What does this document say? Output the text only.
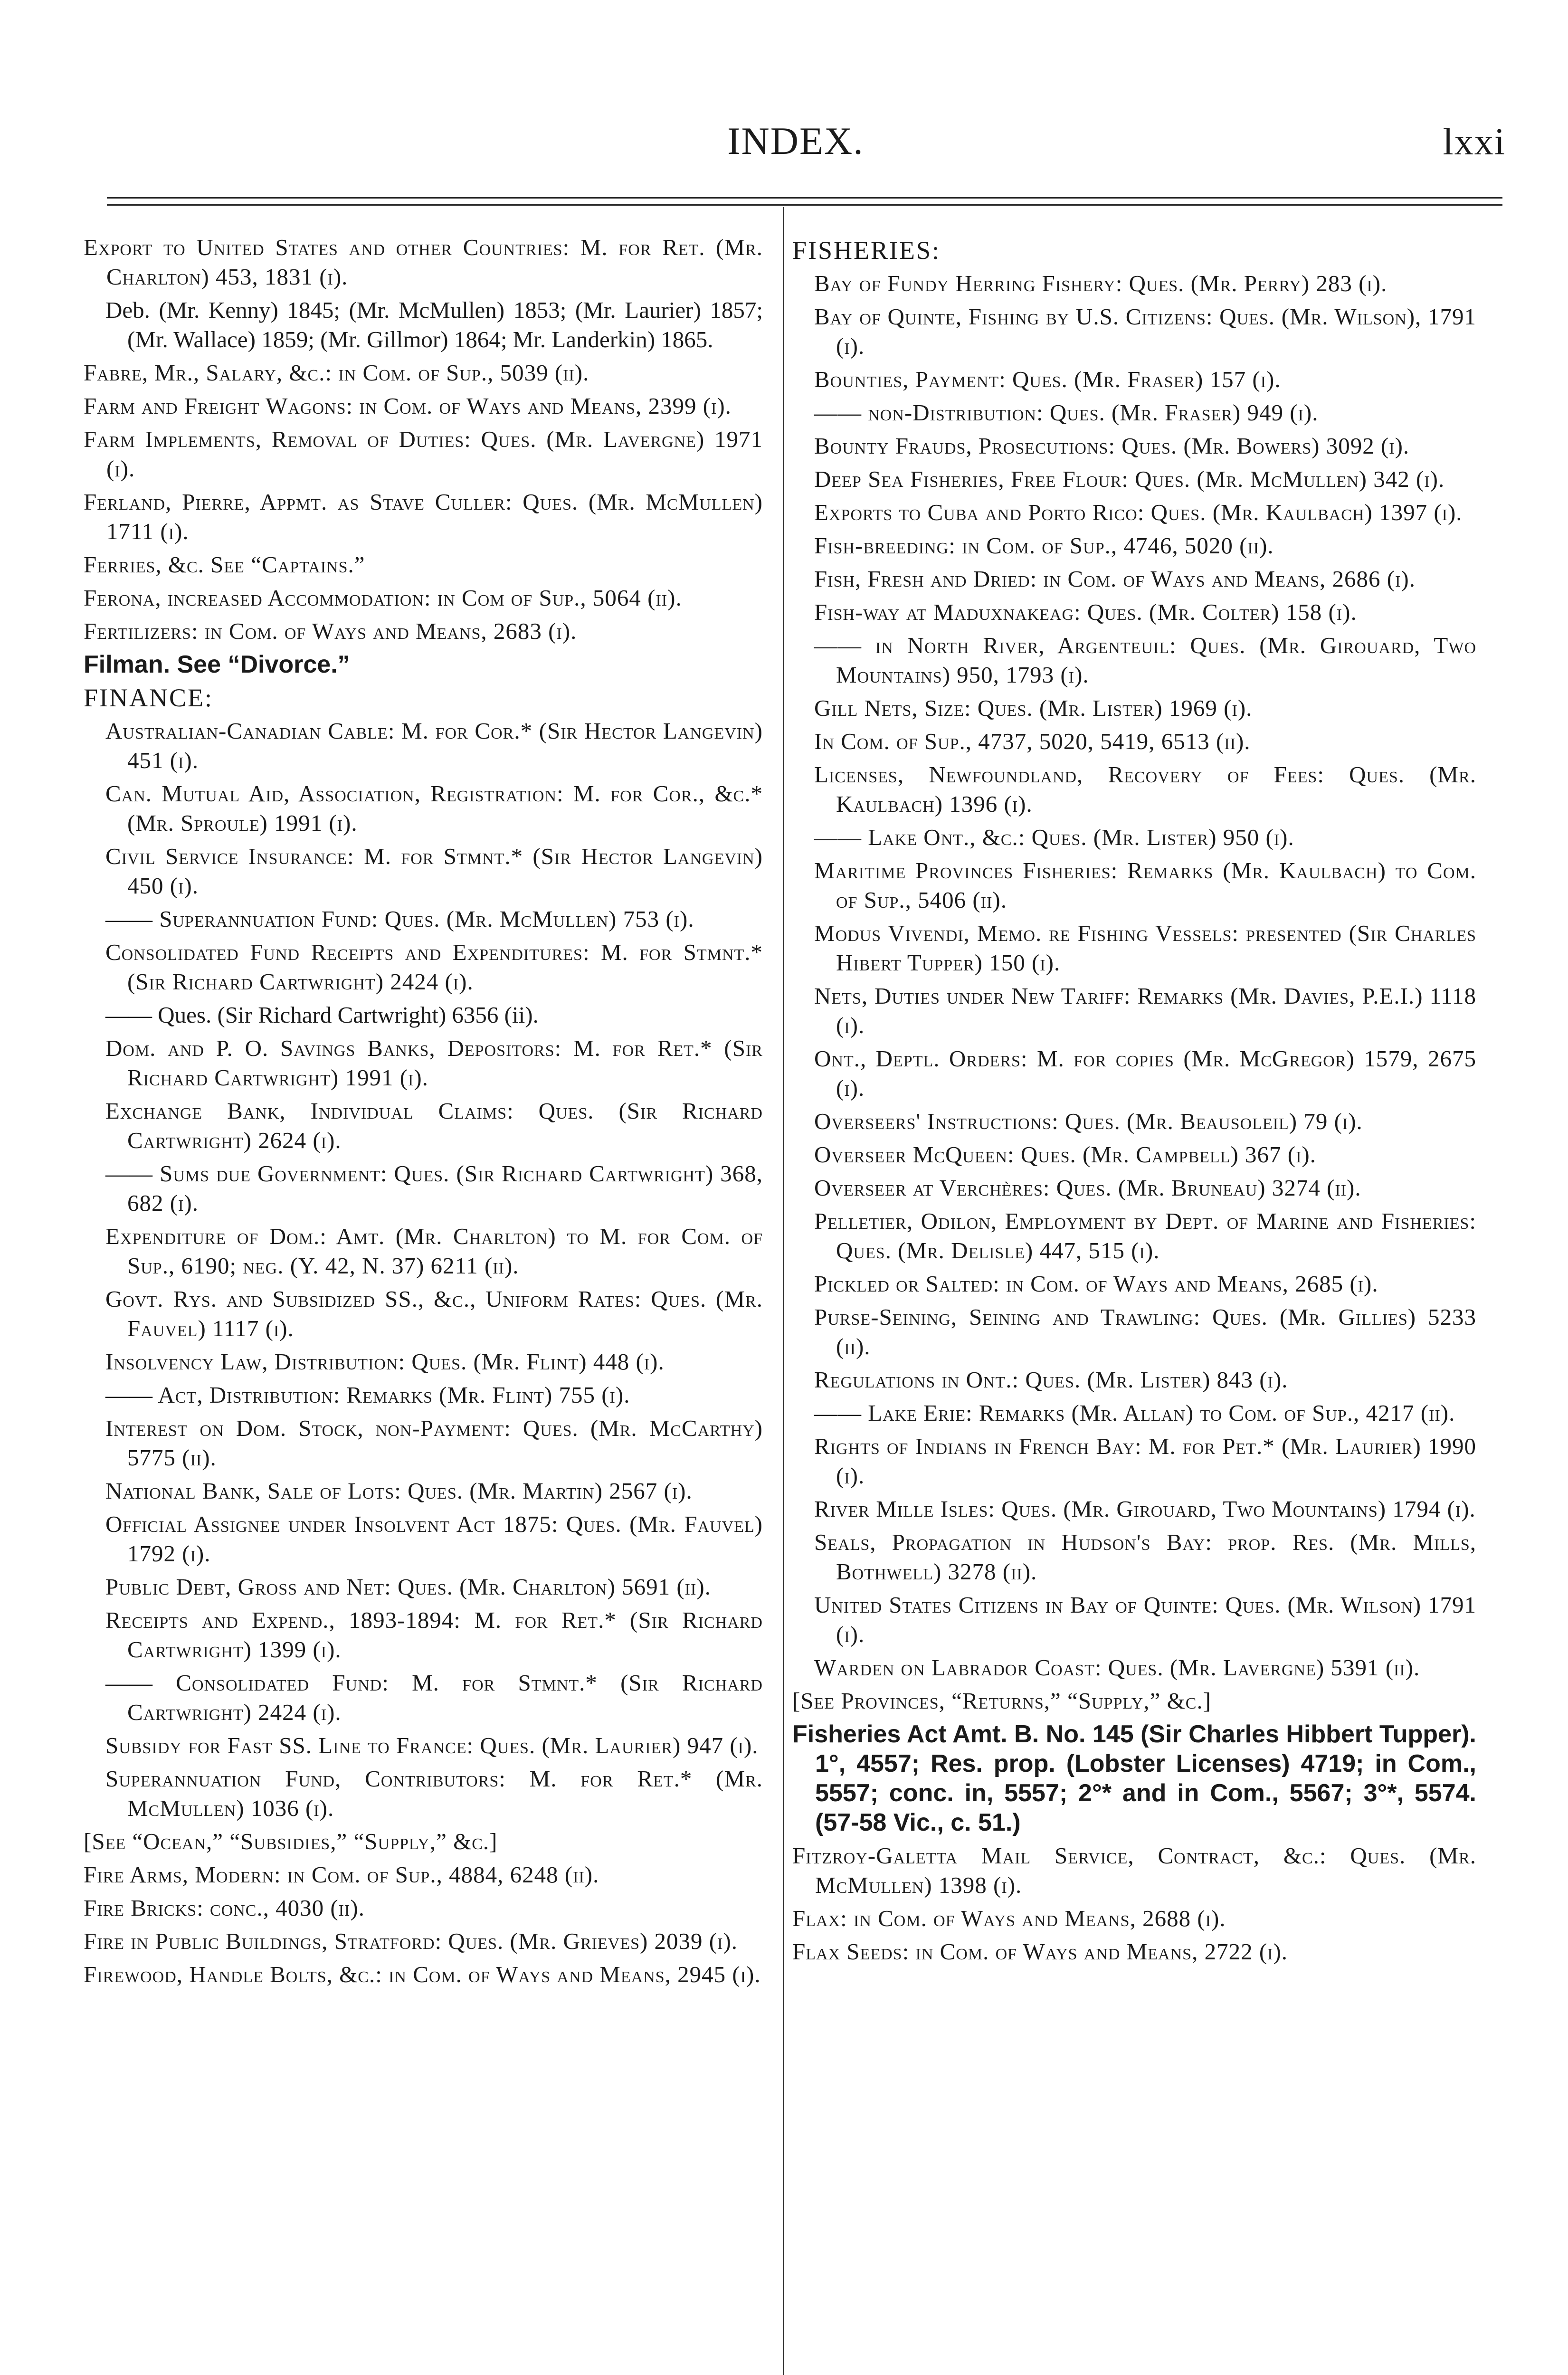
INDEX.	lxxi

Export to United States and other Countries: M. for Ret. (Mr. Charlton) 453, 1831 (i).

Deb. (Mr. Kenny) 1845; (Mr. McMullen) 1853; (Mr. Laurier) 1857; (Mr. Wallace) 1859; (Mr. Gillmor) 1864; Mr. Landerkin) 1865.

Fabre, Mr., Salary, &c.: in Com. of Sup., 5039 (ii).

Farm and Freight Wagons: in Com. of Ways and Means, 2399 (i).

Farm Implements, Removal of Duties: Ques. (Mr. Lavergne) 1971 (i).

Ferland, Pierre, Appmt. as Stave Culler: Ques. (Mr. McMullen) 1711 (i).

Ferries, &c. See “Captains.”

Ferona, increased Accommodation: in Com of Sup., 5064 (ii).

Fertilizers: in Com. of Ways and Means, 2683 (i).

Filman. See “Divorce.”

FINANCE:

Australian-Canadian Cable: M. for Cor.* (Sir Hector Langevin) 451 (i).

Can. Mutual Aid, Association, Registration: M. for Cor., &c.* (Mr. Sproule) 1991 (i).

Civil Service Insurance: M. for Stmnt.* (Sir Hector Langevin) 450 (i).

—— Superannuation Fund: Ques. (Mr. McMullen) 753 (i).

Consolidated Fund Receipts and Expenditures: M. for Stmnt.* (Sir Richard Cartwright) 2424 (i).

—— Ques. (Sir Richard Cartwright) 6356 (ii).

Dom. and P. O. Savings Banks, Depositors: M. for Ret.* (Sir Richard Cartwright) 1991 (i).

Exchange Bank, Individual Claims: Ques. (Sir Richard Cartwright) 2624 (i).

—— Sums due Government: Ques. (Sir Richard Cartwright) 368, 682 (i).

Expenditure of Dom.: Amt. (Mr. Charlton) to M. for Com. of Sup., 6190; neg. (Y. 42, N. 37) 6211 (ii).

Govt. Rys. and Subsidized SS., &c., Uniform Rates: Ques. (Mr. Fauvel) 1117 (i).

Insolvency Law, Distribution: Ques. (Mr. Flint) 448 (i).

—— Act, Distribution: Remarks (Mr. Flint) 755 (i).

Interest on Dom. Stock, non-Payment: Ques. (Mr. McCarthy) 5775 (ii).

National Bank, Sale of Lots: Ques. (Mr. Martin) 2567 (i).

Official Assignee under Insolvent Act 1875: Ques. (Mr. Fauvel) 1792 (i).

Public Debt, Gross and Net: Ques. (Mr. Charlton) 5691 (ii).

Receipts and Expend., 1893-1894: M. for Ret.* (Sir Richard Cartwright) 1399 (i).

—— Consolidated Fund: M. for Stmnt.* (Sir Richard Cartwright) 2424 (i).

Subsidy for Fast SS. Line to France: Ques. (Mr. Laurier) 947 (i).

Superannuation Fund, Contributors: M. for Ret.* (Mr. McMullen) 1036 (i).

[See “Ocean,” “Subsidies,” “Supply,” &c.]

Fire Arms, Modern: in Com. of Sup., 4884, 6248 (ii).

Fire Bricks: conc., 4030 (ii).

Fire in Public Buildings, Stratford: Ques. (Mr. Grieves) 2039 (i).

Firewood, Handle Bolts, &c.: in Com. of Ways and Means, 2945 (i).

FISHERIES:

Bay of Fundy Herring Fishery: Ques. (Mr. Perry) 283 (i).

Bay of Quinte, Fishing by U.S. Citizens: Ques. (Mr. Wilson), 1791 (i).

Bounties, Payment: Ques. (Mr. Fraser) 157 (i).

—— non-Distribution: Ques. (Mr. Fraser) 949 (i).

Bounty Frauds, Prosecutions: Ques. (Mr. Bowers) 3092 (i).

Deep Sea Fisheries, Free Flour: Ques. (Mr. McMullen) 342 (i).

Exports to Cuba and Porto Rico: Ques. (Mr. Kaulbach) 1397 (i).

Fish-breeding: in Com. of Sup., 4746, 5020 (ii).

Fish, Fresh and Dried: in Com. of Ways and Means, 2686 (i).

Fish-way at Maduxnakeag: Ques. (Mr. Colter) 158 (i).

—— in North River, Argenteuil: Ques. (Mr. Girouard, Two Mountains) 950, 1793 (i).

Gill Nets, Size: Ques. (Mr. Lister) 1969 (i).

In Com. of Sup., 4737, 5020, 5419, 6513 (ii).

Licenses, Newfoundland, Recovery of Fees: Ques. (Mr. Kaulbach) 1396 (i).

—— Lake Ont., &c.: Ques. (Mr. Lister) 950 (i).

Maritime Provinces Fisheries: Remarks (Mr. Kaulbach) to Com. of Sup., 5406 (ii).

Modus Vivendi, Memo. re Fishing Vessels: presented (Sir Charles Hibert Tupper) 150 (i).

Nets, Duties under New Tariff: Remarks (Mr. Davies, P.E.I.) 1118 (i).

Ont., Deptl. Orders: M. for copies (Mr. McGregor) 1579, 2675 (i).

Overseers' Instructions: Ques. (Mr. Beausoleil) 79 (i).

Overseer McQueen: Ques. (Mr. Campbell) 367 (i).

Overseer at Verchères: Ques. (Mr. Bruneau) 3274 (ii).

Pelletier, Odilon, Employment by Dept. of Marine and Fisheries: Ques. (Mr. Delisle) 447, 515 (i).

Pickled or Salted: in Com. of Ways and Means, 2685 (i).

Purse-Seining, Seining and Trawling: Ques. (Mr. Gillies) 5233 (ii).

Regulations in Ont.: Ques. (Mr. Lister) 843 (i).

—— Lake Erie: Remarks (Mr. Allan) to Com. of Sup., 4217 (ii).

Rights of Indians in French Bay: M. for Pet.* (Mr. Laurier) 1990 (i).

River Mille Isles: Ques. (Mr. Girouard, Two Mountains) 1794 (i).

Seals, Propagation in Hudson's Bay: prop. Res. (Mr. Mills, Bothwell) 3278 (ii).

United States Citizens in Bay of Quinte: Ques. (Mr. Wilson) 1791 (i).

Warden on Labrador Coast: Ques. (Mr. Lavergne) 5391 (ii).

[See Provinces, “Returns,” “Supply,” &c.]

Fisheries Act Amt. B. No. 145 (Sir Charles Hibbert Tupper). 1°, 4557; Res. prop. (Lobster Licenses) 4719; in Com., 5557; conc. in, 5557; 2°* and in Com., 5567; 3°*, 5574. (57-58 Vic., c. 51.)

Fitzroy-Galetta Mail Service, Contract, &c.: Ques. (Mr. McMullen) 1398 (i).

Flax: in Com. of Ways and Means, 2688 (i).

Flax Seeds: in Com. of Ways and Means, 2722 (i).
